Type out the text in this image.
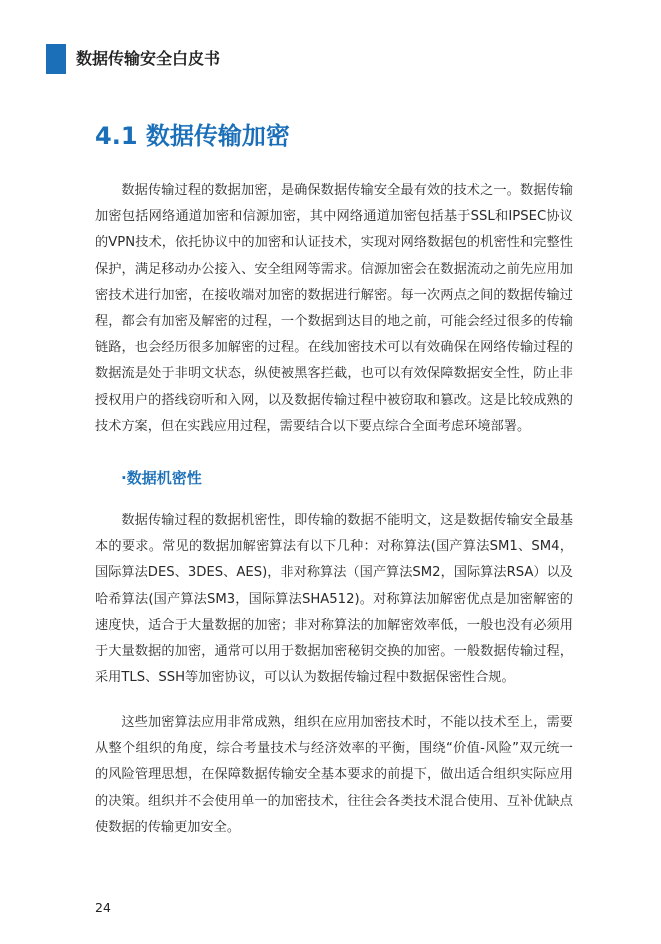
数据传输安全白皮书
4.1 数据传输加密

数据传输过程的数据加密，是确保数据传输安全最有效的技术之一。数据传输加密包括网络通道加密和信源加密，其中网络通道加密包括基于SSL和IPSEC协议的VPN技术，依托协议中的加密和认证技术，实现对网络数据包的机密性和完整性保护，满足移动办公接入、安全组网等需求。信源加密会在数据流动之前先应用加密技术进行加密，在接收端对加密的数据进行解密。每一次两点之间的数据传输过程，都会有加密及解密的过程，一个数据到达目的地之前，可能会经过很多的传输链路，也会经历很多加解密的过程。在线加密技术可以有效确保在网络传输过程的数据流是处于非明文状态，纵使被黑客拦截，也可以有效保障数据安全性，防止非授权用户的搭线窃听和入网，以及数据传输过程中被窃取和篡改。这是比较成熟的技术方案，但在实践应用过程，需要结合以下要点综合全面考虑环境部署。

·数据机密性

数据传输过程的数据机密性，即传输的数据不能明文，这是数据传输安全最基本的要求。常见的数据加解密算法有以下几种：对称算法(国产算法SM1、SM4，国际算法DES、3DES、AES)，非对称算法（国产算法SM2，国际算法RSA）以及哈希算法(国产算法SM3，国际算法SHA512)。对称算法加解密优点是加密解密的速度快，适合于大量数据的加密；非对称算法的加解密效率低，一般也没有必须用于大量数据的加密，通常可以用于数据加密秘钥交换的加密。一般数据传输过程，采用TLS、SSH等加密协议，可以认为数据传输过程中数据保密性合规。

这些加密算法应用非常成熟，组织在应用加密技术时，不能以技术至上，需要从整个组织的角度，综合考量技术与经济效率的平衡，围绕“价值-风险”双元统一的风险管理思想，在保障数据传输安全基本要求的前提下，做出适合组织实际应用的决策。组织并不会使用单一的加密技术，往往会各类技术混合使用、互补优缺点使数据的传输更加安全。

24
